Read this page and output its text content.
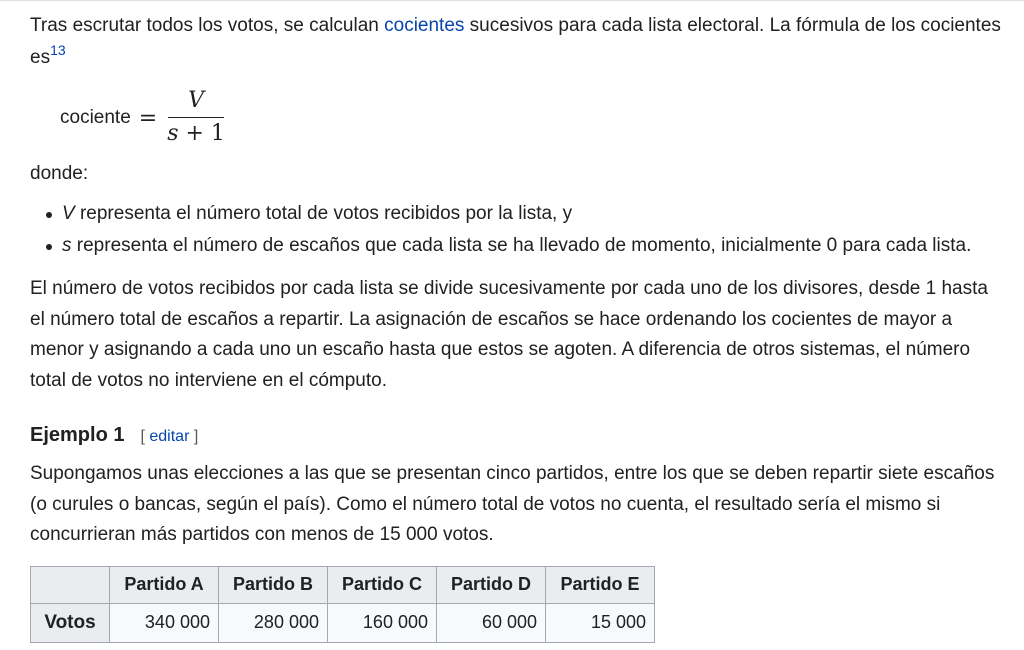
Tras escrutar todos los votos, se calculan cocientes sucesivos para cada lista electoral. La fórmula de los cocientes es$^{13}$

cociente = $\frac{V}{s + 1}$

donde:

V representa el número total de votos recibidos por la lista, y
s representa el número de escaños que cada lista se ha llevado de momento, inicialmente 0 para cada lista.

El número de votos recibidos por cada lista se divide sucesivamente por cada uno de los divisores, desde 1 hasta el número total de escaños a repartir. La asignación de escaños se hace ordenando los cocientes de mayor a menor y asignando a cada uno un escaño hasta que estos se agoten. A diferencia de otros sistemas, el número total de votos no interviene en el cómputo.

Ejemplo 1 [ editar ]

Supongamos unas elecciones a las que se presentan cinco partidos, entre los que se deben repartir siete escaños (o curules o bancas, según el país). Como el número total de votos no cuenta, el resultado sería el mismo si concurrieran más partidos con menos de 15 000 votos.

	Partido A	Partido B	Partido C	Partido D	Partido E
Votos	340 000	280 000	160 000	60 000	15 000
